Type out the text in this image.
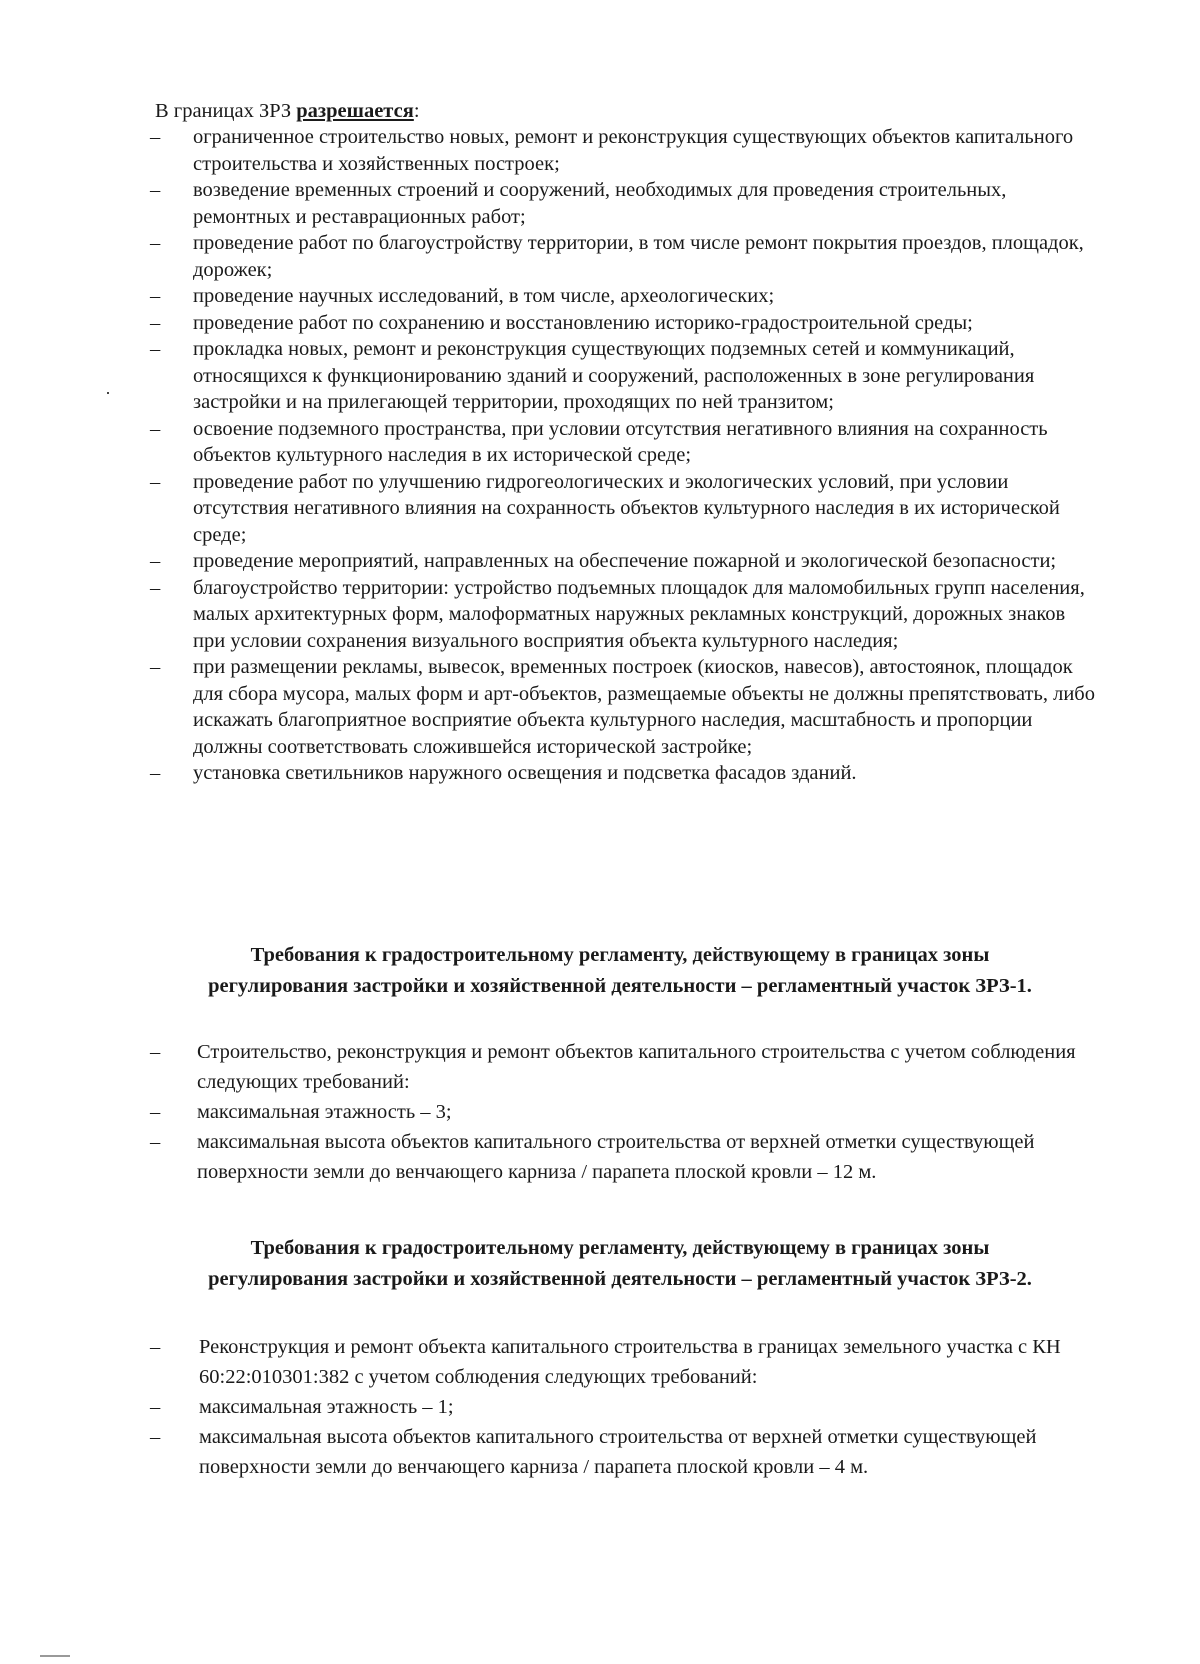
В границах ЗРЗ разрешается:

– ограниченное строительство новых, ремонт и реконструкция существующих объектов капитального строительства и хозяйственных построек;
– возведение временных строений и сооружений, необходимых для проведения строительных, ремонтных и реставрационных работ;
– проведение работ по благоустройству территории, в том числе ремонт покрытия проездов, площадок, дорожек;
– проведение научных исследований, в том числе, археологических;
– проведение работ по сохранению и восстановлению историко-градостроительной среды;
– прокладка новых, ремонт и реконструкция существующих подземных сетей и коммуникаций, относящихся к функционированию зданий и сооружений, расположенных в зоне регулирования застройки и на прилегающей территории, проходящих по ней транзитом;
– освоение подземного пространства, при условии отсутствия негативного влияния на сохранность объектов культурного наследия в их исторической среде;
– проведение работ по улучшению гидрогеологических и экологических условий, при условии отсутствия негативного влияния на сохранность объектов культурного наследия в их исторической среде;
– проведение мероприятий, направленных на обеспечение пожарной и экологической безопасности;
– благоустройство территории: устройство подъемных площадок для маломобильных групп населения, малых архитектурных форм, малоформатных наружных рекламных конструкций, дорожных знаков при условии сохранения визуального восприятия объекта культурного наследия;
– при размещении рекламы, вывесок, временных построек (киосков, навесов), автостоянок, площадок для сбора мусора, малых форм и арт-объектов, размещаемые объекты не должны препятствовать, либо искажать благоприятное восприятие объекта культурного наследия, масштабность и пропорции должны соответствовать сложившейся исторической застройке;
– установка светильников наружного освещения и подсветка фасадов зданий.
Требования к градостроительному регламенту, действующему в границах зоны регулирования застройки и хозяйственной деятельности – регламентный участок ЗРЗ-1.
– Строительство, реконструкция и ремонт объектов капитального строительства с учетом соблюдения следующих требований:
– максимальная этажность – 3;
– максимальная высота объектов капитального строительства от верхней отметки существующей поверхности земли до венчающего карниза / парапета плоской кровли – 12 м.
Требования к градостроительному регламенту, действующему в границах зоны регулирования застройки и хозяйственной деятельности – регламентный участок ЗРЗ-2.
– Реконструкция и ремонт объекта капитального строительства в границах земельного участка с КН 60:22:010301:382 с учетом соблюдения следующих требований:
– максимальная этажность – 1;
– максимальная высота объектов капитального строительства от верхней отметки существующей поверхности земли до венчающего карниза / парапета плоской кровли – 4 м.
